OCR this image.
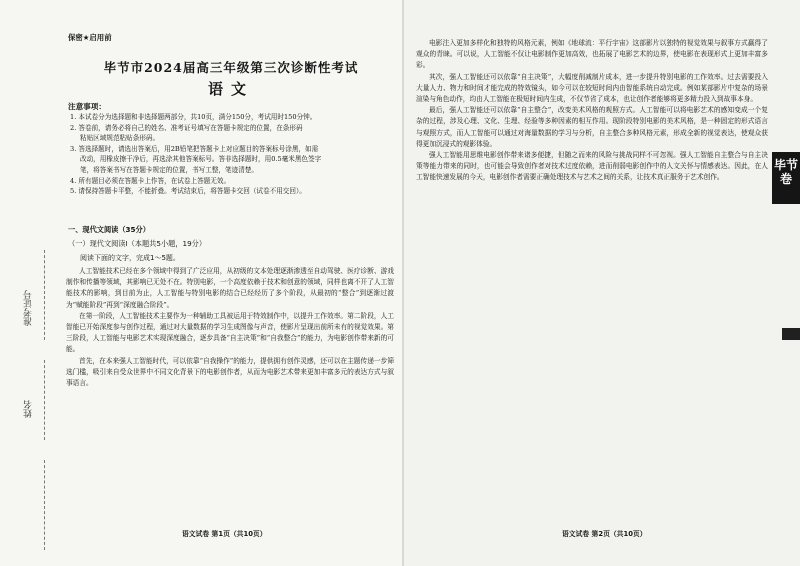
准考证号
姓名
保密★启用前
毕节市2024届高三年级第三次诊断性考试
语文
注意事项：

1. 本试卷分为选择题和非选择题两部分，共10页，满分150分，考试用时150分钟。

2. 答卷前，请务必将自己的姓名、准考证号填写在答题卡规定的位置，在条形码

粘贴区域规范粘贴条形码。

3. 答选择题时，请选出答案后，用2B铅笔把答题卡上对应题目的答案标号涂黑，如需

改动，用橡皮擦干净后，再选涂其他答案标号。答非选择题时，用0.5毫米黑色签字

笔，将答案书写在答题卡规定的位置，书写工整，笔迹清楚。

4. 所有题目必须在答题卡上作答，在试卷上答题无效。

5. 请保持答题卡平整，不能折叠。考试结束后，将答题卡交回（试卷不用交回）。

一、现代文阅读（35分）
（一）现代文阅读Ⅰ（本题共5小题，19分）
阅读下面的文字，完成1～5题。

人工智能技术已经在多个领域中得到了广泛应用，从初级的文本处理逐渐渗透至自动驾驶、医疗诊断、游戏制作和传播等领域，其影响已无处不在。特别电影，一个高度依赖于技术和创意的领域，同样也离不开了人工智能技术的影响，到目前为止，人工智能与特别电影的结合已经经历了多个阶段，从最初的“整合”到逐渐过渡为“赋能阶段”再到“深度融合阶段”。

在第一阶段，人工智能技术主要作为一种辅助工具被运用于特效制作中，以提升工作效率。第二阶段，人工智能已开始深度参与创作过程，通过对大量数据的学习生成图像与声音，使影片呈现出前所未有的视觉效果。第三阶段，人工智能与电影艺术实现深度融合，逐步具备“自主决策”和“自我整合”的能力，为电影创作带来新的可能。

首先，在本来强人工智能时代，可以依靠“自我操作”的能力，提供拥有创作灵感，还可以在主题传递一步筛选门槛，吸引来自受众世界中不同文化背景下的电影创作者，从而为电影艺术带来更加丰富多元的表达方式与叙事语言。

语文试卷 第1页（共10页）

电影注入更加多样化和独特的风格元素，例如《地球流：平行宇宙》这部影片以独特的视觉效果与叙事方式赢得了观众的青睐。可以说，人工智能不仅让电影制作更加高效，也拓展了电影艺术的边界，使电影在表现形式上更加丰富多彩。

其次，强人工智能还可以依靠“自主决策”，大幅度削减制片成本，进一步提升特别电影的工作效率。过去需要投入大量人力、物力和时间才能完成的特效镜头，如今可以在较短时间内由智能系统自动完成。例如某部影片中复杂的场景渲染与角色动作，均由人工智能在极短时间内生成，不仅节省了成本，也让创作者能够将更多精力投入到故事本身。

最后，强人工智能还可以依靠“自主整合”，改变美术风格的观照方式。人工智能可以将电影艺术的感知变成一个复杂的过程，涉及心理、文化、生理、经验等多种因素的相互作用。现阶段特别电影的美术风格，是一种固定的形式语言与观照方式，而人工智能可以通过对海量数据的学习与分析，自主整合多种风格元素，形成全新的视觉表达，使观众获得更加沉浸式的观影体验。

强人工智能用思维电影创作带来诸多便捷，但随之而来的风险与挑战同样不可忽视。强人工智能自主整合与自主决策等能力带来的同时，也可能会导致创作者对技术过度依赖，进而削弱电影创作中的人文关怀与情感表达。因此，在人工智能快速发展的今天，电影创作者需要正确处理技术与艺术之间的关系，让技术真正服务于艺术创作。

毕节卷
语文试卷 第2页（共10页）
